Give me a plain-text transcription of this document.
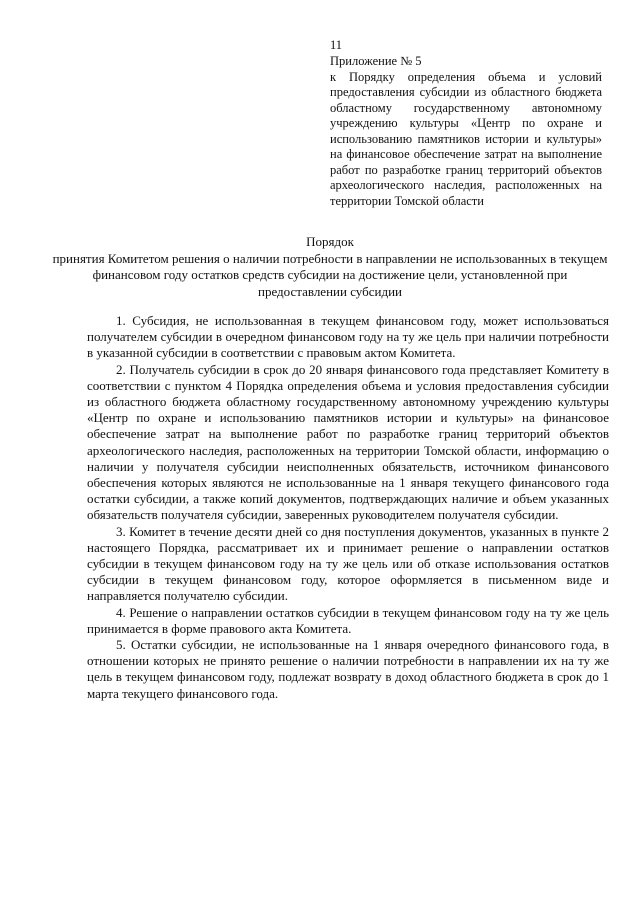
11
Приложение № 5
к Порядку определения объема и условий предоставления субсидии из областного бюджета областному государственному автономному учреждению культуры «Центр по охране и использованию памятников истории и культуры» на финансовое обеспечение затрат на выполнение работ по разработке границ территорий объектов археологического наследия, расположенных на территории Томской области
Порядок
принятия Комитетом решения о наличии потребности в направлении не использованных в текущем финансовом году остатков средств субсидии на достижение цели, установленной при предоставлении субсидии

1. Субсидия, не использованная в текущем финансовом году, может использоваться получателем субсидии в очередном финансовом году на ту же цель при наличии потребности в указанной субсидии в соответствии с правовым актом Комитета.

2. Получатель субсидии в срок до 20 января финансового года представляет Комитету в соответствии с пунктом 4 Порядка определения объема и условия предоставления субсидии из областного бюджета областному государственному автономному учреждению культуры «Центр по охране и использованию памятников истории и культуры» на финансовое обеспечение затрат на выполнение работ по разработке границ территорий объектов археологического наследия, расположенных на территории Томской области, информацию о наличии у получателя субсидии неисполненных обязательств, источником финансового обеспечения которых являются не использованные на 1 января текущего финансового года остатки субсидии, а также копий документов, подтверждающих наличие и объем указанных обязательств получателя субсидии, заверенных руководителем получателя субсидии.

3. Комитет в течение десяти дней со дня поступления документов, указанных в пункте 2 настоящего Порядка, рассматривает их и принимает решение о направлении остатков субсидии в текущем финансовом году на ту же цель или об отказе использования остатков субсидии в текущем финансовом году, которое оформляется в письменном виде и направляется получателю субсидии.

4. Решение о направлении остатков субсидии в текущем финансовом году на ту же цель принимается в форме правового акта Комитета.

5. Остатки субсидии, не использованные на 1 января очередного финансового года, в отношении которых не принято решение о наличии потребности в направлении их на ту же цель в текущем финансовом году, подлежат возврату в доход областного бюджета в срок до 1 марта текущего финансового года.
